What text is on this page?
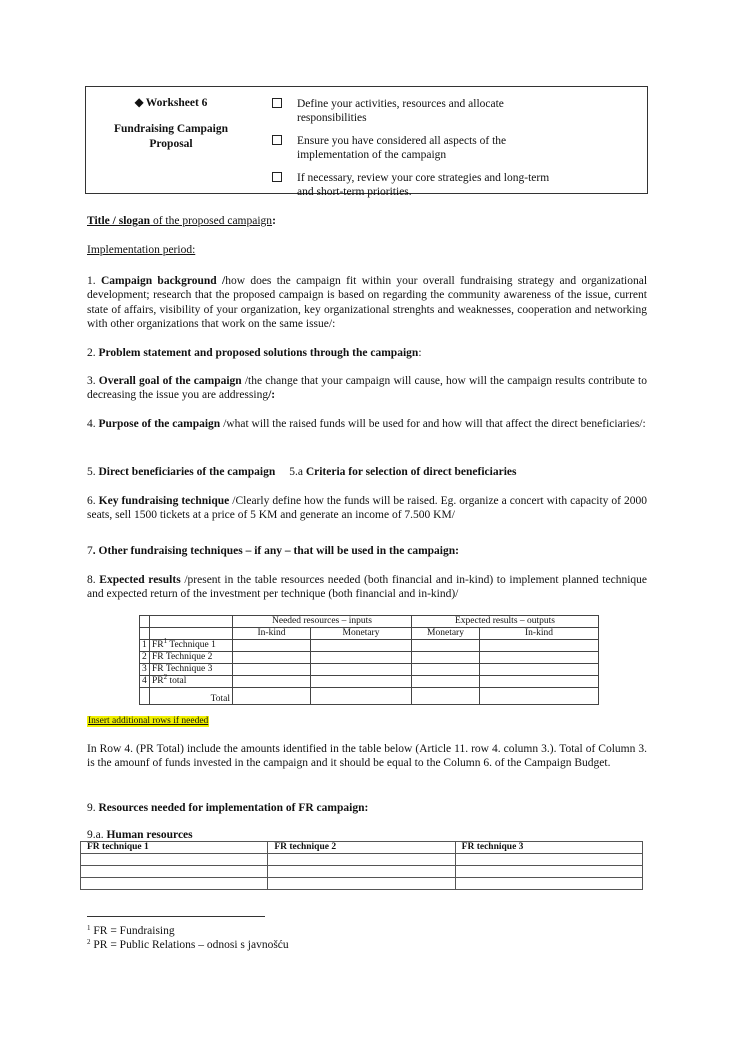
◆ Worksheet 6
Fundraising Campaign
Proposal
Define your activities, resources and allocate
responsibilities
Ensure you have considered all aspects of the
implementation of the campaign
If necessary, review your core strategies and long-term
and short-term priorities.

Title / slogan of the proposed campaign:

Implementation period:

1. Campaign background /how does the campaign fit within your overall fundraising strategy and organizational development; research that the proposed campaign is based on regarding the community awareness of the issue, current state of affairs, visibility of your organization, key organizational strenghts and weaknesses, cooperation and networking with other organizations that work on the same issue/:

2. Problem statement and proposed solutions through the campaign:

3. Overall goal of the campaign /the change that your campaign will cause, how will the campaign results contribute to decreasing the issue you are addressing/:

4. Purpose of the campaign /what will the raised funds will be used for and how will that affect the direct beneficiaries/:

5. Direct beneficiaries of the campaign 5.a Criteria for selection of direct beneficiaries

6. Key fundraising technique /Clearly define how the funds will be raised. Eg. organize a concert with capacity of 2000 seats, sell 1500 tickets at a price of 5 KM and generate an income of 7.500 KM/

7. Other fundraising techniques – if any – that will be used in the campaign:

8. Expected results /present in the table resources needed (both financial and in-kind) to implement planned technique and expected return of the investment per technique (both financial and in-kind)/

		Needed resources – inputs		Expected results – outputs	
		In-kind	Monetary	Monetary	In-kind
1	$FR^1$ Technique 1				
2	FR Technique 2				
3	FR Technique 3				
4	$PR^2$ total				
	Total				
Insert additional rows if needed

In Row 4. (PR Total) include the amounts identified in the table below (Article 11. row 4. column 3.). Total of Column 3. is the amounf of funds invested in the campaign and it should be equal to the Column 6. of the Campaign Budget.

9. Resources needed for implementation of FR campaign:

9.a. Human resources

FR technique 1	FR technique 2	FR technique 3

$^1$ FR = Fundraising

$^2$ PR = Public Relations – odnosi s javnošću
